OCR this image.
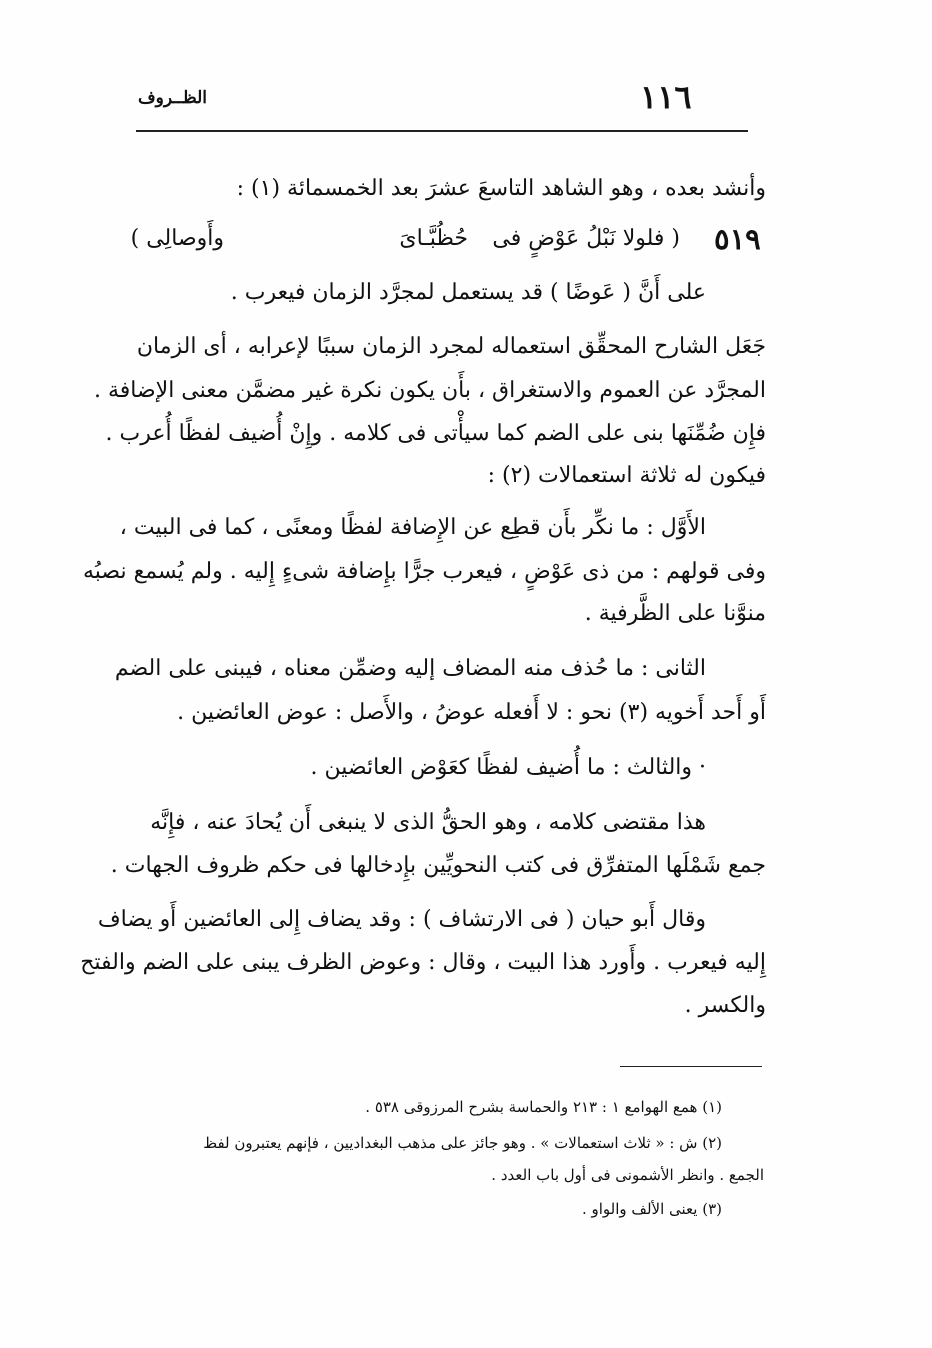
١١٦
الظــروف
وأنشد بعده ، وهو الشاهد التاسعَ عشرَ بعد الخمسمائة (١) :
٥١٩
( فلولا نَبْلُ عَوْضٍ فى
حُظُبَّـاىَ
وأَوصالِى )
على أَنَّ ( عَوضًا ) قد يستعمل لمجرَّد الزمان فيعرب .
جَعَل الشارح المحقِّق استعماله لمجرد الزمان سببًا لإعرابه ، أى الزمان
المجرَّد عن العموم والاستغراق ، بأَن يكون نكرة غير مضمَّن معنى الإضافة .
فإِن ضُمِّنَها بنى على الضم كما سيأْتى فى كلامه . وإِنْ أُضيف لفظًا أُعرب .
فيكون له ثلاثة استعمالات (٢) :
الأَوَّل : ما نكِّر بأَن قطِع عن الإِضافة لفظًا ومعنًى ، كما فى البيت ،
وفى قولهم : من ذى عَوْضٍ ، فيعرب جرًّا بإِضافة شىءٍ إِليه . ولم يُسمع نصبُه
منوَّنا على الظَّرفية .
الثانى : ما حُذف منه المضاف إليه وضمِّن معناه ، فيبنى على الضم
أَو أَحد أَخويه (٣) نحو : لا أَفعله عوضُ ، والأَصل : عوض العائضين .
· والثالث : ما أُضيف لفظًا كعَوْض العائضين .
هذا مقتضى كلامه ، وهو الحقُّ الذى لا ينبغى أَن يُحادَ عنه ، فإِنَّه
جمع شَمْلَها المتفرِّق فى كتب النحويِّين بإِدخالها فى حكم ظروف الجهات .
وقال أَبو حيان ( فى الارتشاف ) : وقد يضاف إِلى العائضين أَو يضاف
إِليه فيعرب . وأَورد هذا البيت ، وقال : وعوض الظرف يبنى على الضم والفتح
والكسر .
(١) همع الهوامع ١ : ٢١٣ والحماسة بشرح المرزوقى ٥٣٨ .
(٢) ش : « ثلاث استعمالات » . وهو جائز على مذهب البغداديين ، فإنهم يعتبرون لفظ
الجمع . وانظر الأشمونى فى أول باب العدد .
(٣) يعنى الألف والواو .
